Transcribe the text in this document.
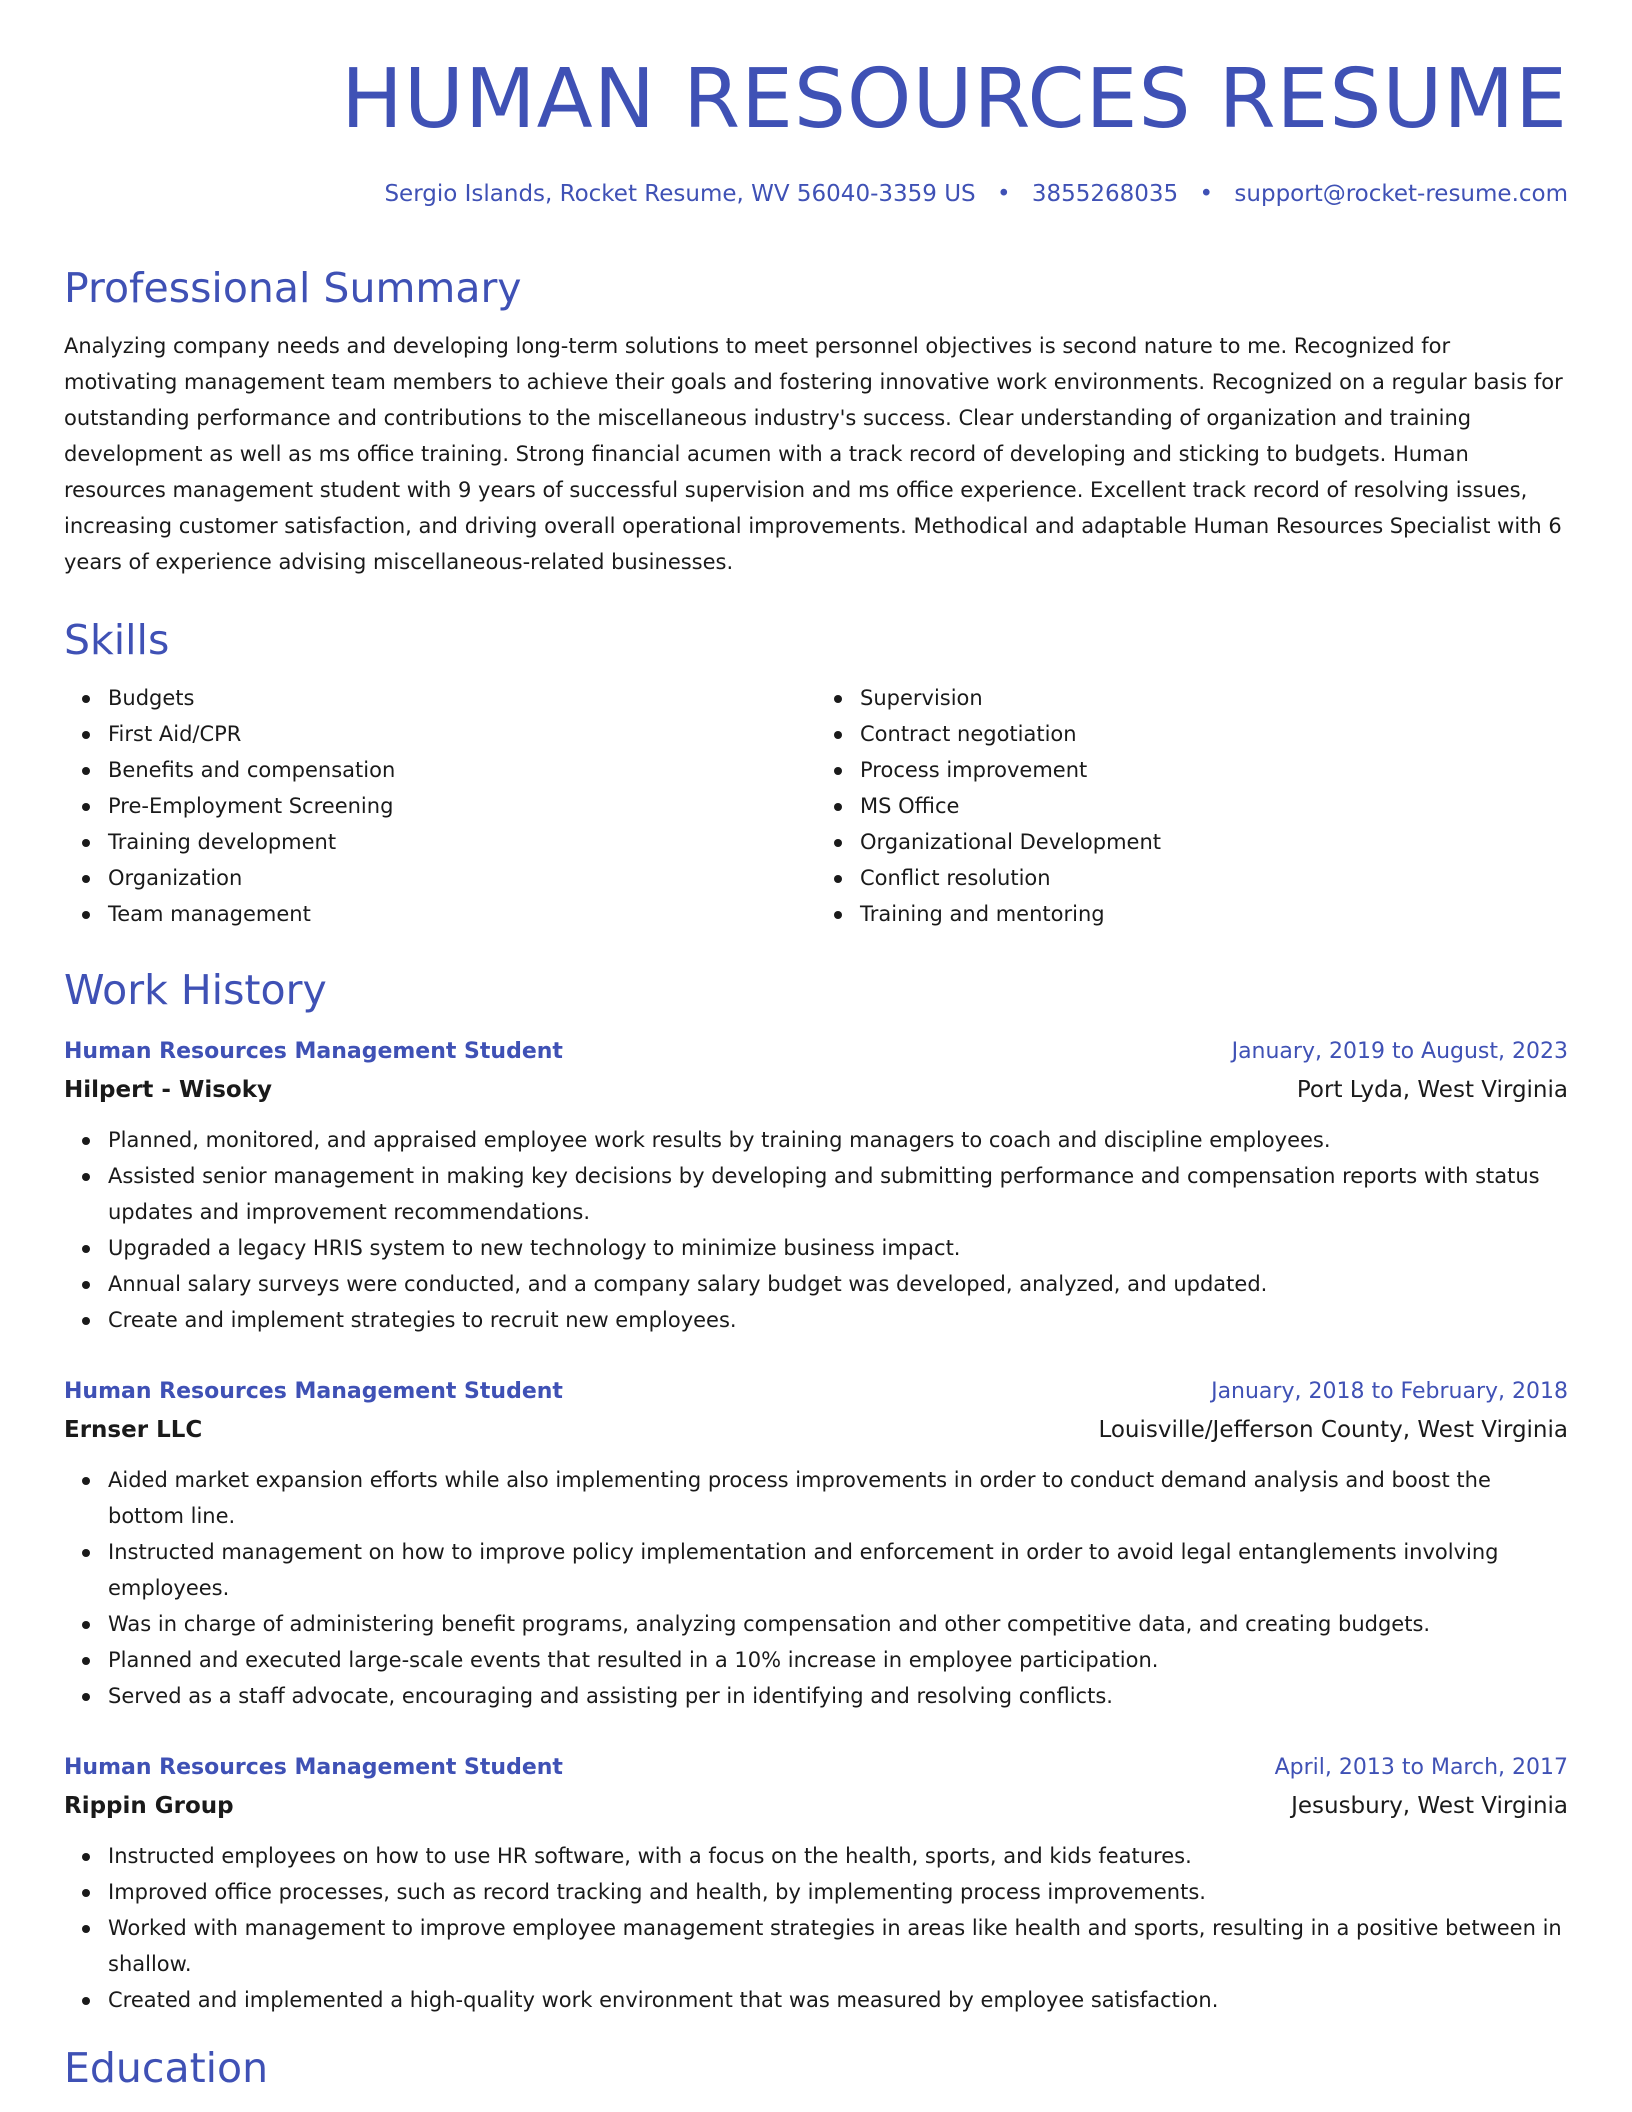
HUMAN RESOURCES RESUME
Sergio Islands, Rocket Resume, WV 56040-3359 US • 3855268035 • support@rocket-resume.com
Professional Summary

Analyzing company needs and developing long-term solutions to meet personnel objectives is second nature to me. Recognized for motivating management team members to achieve their goals and fostering innovative work environments. Recognized on a regular basis for outstanding performance and contributions to the miscellaneous industry's success. Clear understanding of organization and training development as well as ms office training. Strong financial acumen with a track record of developing and sticking to budgets. Human resources management student with 9 years of successful supervision and ms office experience. Excellent track record of resolving issues, increasing customer satisfaction, and driving overall operational improvements. Methodical and adaptable Human Resources Specialist with 6 years of experience advising miscellaneous-related businesses.

Skills
Budgets
First Aid/CPR
Benefits and compensation
Pre-Employment Screening
Training development
Organization
Team management
Supervision
Contract negotiation
Process improvement
MS Office
Organizational Development
Conflict resolution
Training and mentoring
Work History
Human Resources Management Student	January, 2019 to August, 2023
Hilpert - Wisoky	Port Lyda, West Virginia
Planned, monitored, and appraised employee work results by training managers to coach and discipline employees.
Assisted senior management in making key decisions by developing and submitting performance and compensation reports with status updates and improvement recommendations.
Upgraded a legacy HRIS system to new technology to minimize business impact.
Annual salary surveys were conducted, and a company salary budget was developed, analyzed, and updated.
Create and implement strategies to recruit new employees.
Human Resources Management Student	January, 2018 to February, 2018
Ernser LLC	Louisville/Jefferson County, West Virginia
Aided market expansion efforts while also implementing process improvements in order to conduct demand analysis and boost the bottom line.
Instructed management on how to improve policy implementation and enforcement in order to avoid legal entanglements involving employees.
Was in charge of administering benefit programs, analyzing compensation and other competitive data, and creating budgets.
Planned and executed large-scale events that resulted in a 10% increase in employee participation.
Served as a staff advocate, encouraging and assisting per in identifying and resolving conflicts.
Human Resources Management Student	April, 2013 to March, 2017
Rippin Group	Jesusbury, West Virginia
Instructed employees on how to use HR software, with a focus on the health, sports, and kids features.
Improved office processes, such as record tracking and health, by implementing process improvements.
Worked with management to improve employee management strategies in areas like health and sports, resulting in a positive between in shallow.
Created and implemented a high-quality work environment that was measured by employee satisfaction.
Education
